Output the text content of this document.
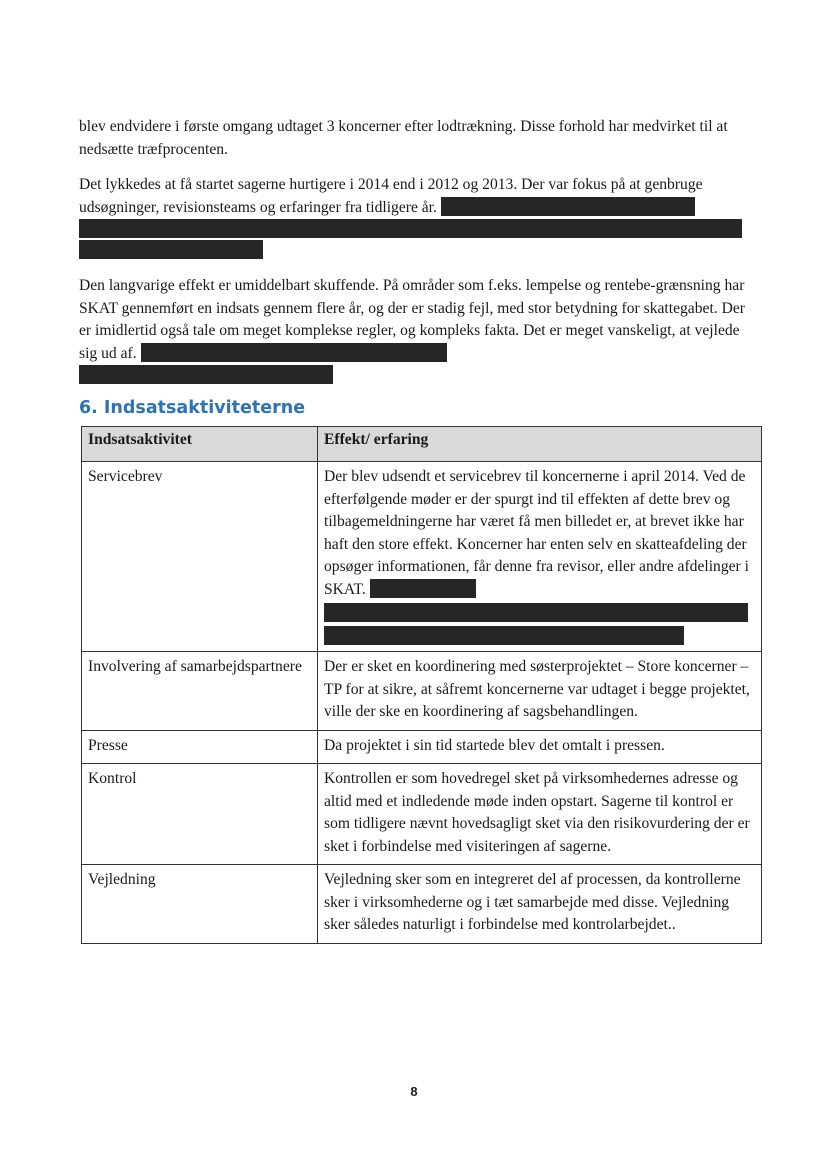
blev endvidere i første omgang udtaget 3 koncerner efter lodtrækning. Disse forhold har medvirket til at nedsætte træfprocenten.

Det lykkedes at få startet sagerne hurtigere i 2014 end i 2012 og 2013. Der var fokus på at genbruge udsøgninger, revisionsteams og erfaringer fra tidligere år.

Den langvarige effekt er umiddelbart skuffende. På områder som f.eks. lempelse og rentebe-grænsning har SKAT gennemført en indsats gennem flere år, og der er stadig fejl, med stor betydning for skattegabet. Der er imidlertid også tale om meget komplekse regler, og kompleks fakta. Det er meget vanskeligt, at vejlede sig ud af.

6. Indsatsaktiviteterne
Indsatsaktivitet	Effekt/ erfaring
Servicebrev	Der blev udsendt et servicebrev til koncernerne i april 2014. Ved de efterfølgende møder er der spurgt ind til effekten af dette brev og tilbagemeldningerne har været få men billedet er, at brevet ikke har haft den store effekt. Koncerner har enten selv en skatteafdeling der opsøger informationen, får denne fra revisor, eller andre afdelinger i SKAT.

Involvering af samarbejdspartnere	Der er sket en koordinering med søsterprojektet – Store koncerner – TP for at sikre, at såfremt koncernerne var udtaget i begge projektet, ville der ske en koordinering af sagsbehandlingen.
Presse	Da projektet i sin tid startede blev det omtalt i pressen.
Kontrol	Kontrollen er som hovedregel sket på virksomhedernes adresse og altid med et indledende møde inden opstart. Sagerne til kontrol er som tidligere nævnt hovedsagligt sket via den risikovurdering der er sket i forbindelse med visiteringen af sagerne.
Vejledning	Vejledning sker som en integreret del af processen, da kontrollerne sker i virksomhederne og i tæt samarbejde med disse. Vejledning sker således naturligt i forbindelse med kontrolarbejdet..
8
